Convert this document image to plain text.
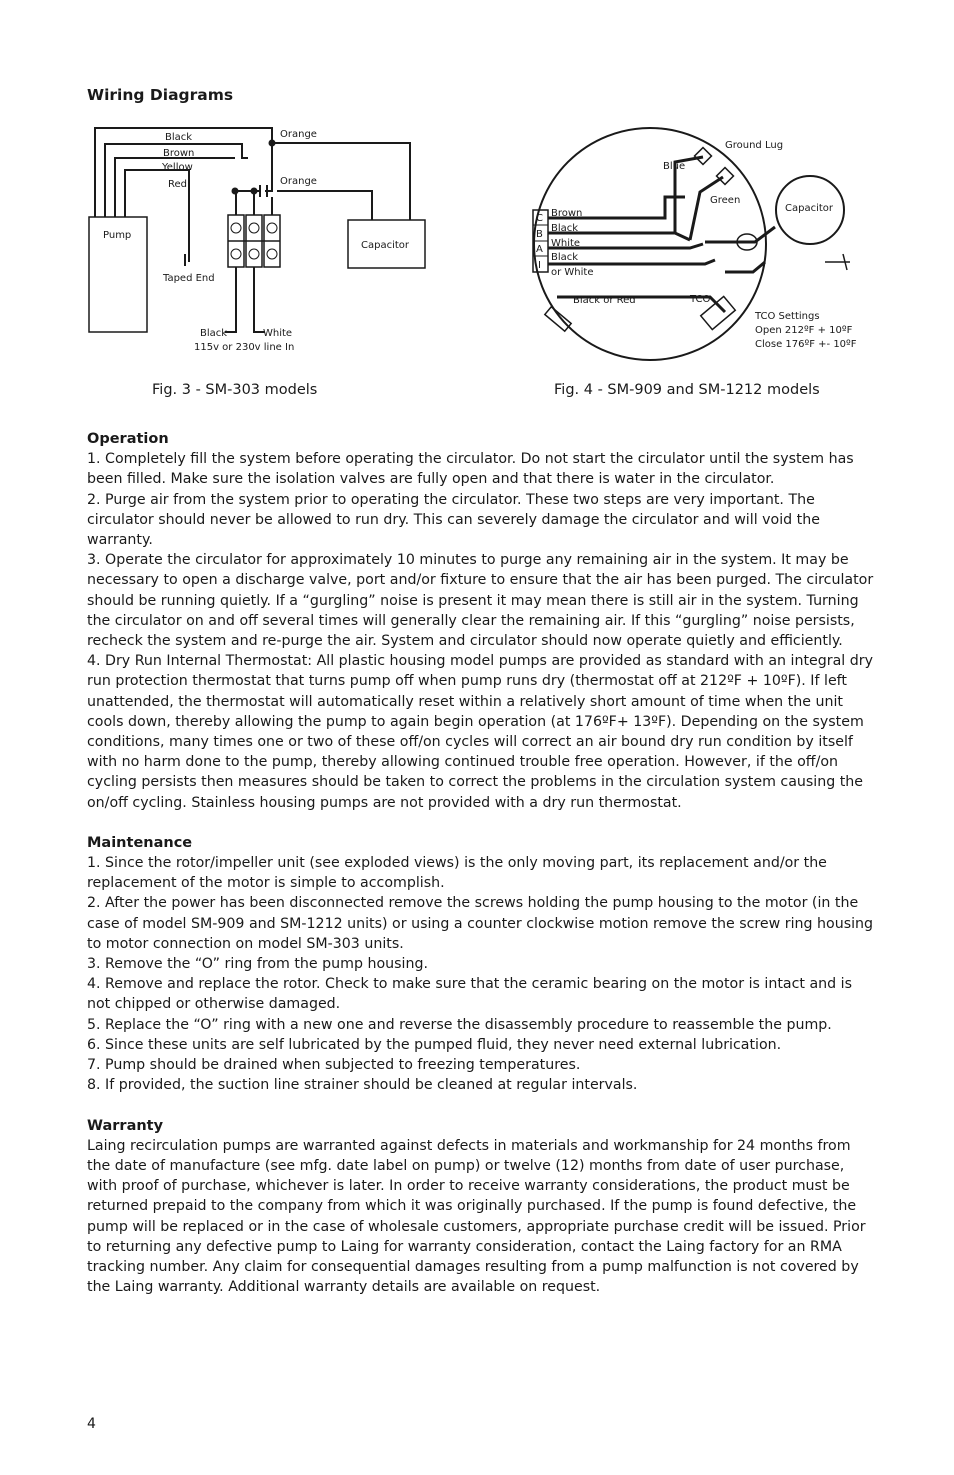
Wiring Diagrams
Black
Brown
Yellow
Red
Orange
Orange
Pump
Taped End
Capacitor
Black	White
115v or 230v line In
Ground Lug
Blue
Green
Capacitor
C
B
A
I
Brown
Black
White
Black
or White
Black or Red	TCO
TCO Settings
Open 212ºF + 10ºF
Close 176ºF +- 10ºF
Fig. 3 - SM-303 models	Fig. 4 - SM-909 and SM-1212 models

Operation

1. Completely fill the system before operating the circulator. Do not start the circulator until the system has been filled. Make sure the isolation valves are fully open and that there is water in the circulator.

2. Purge air from the system prior to operating the circulator. These two steps are very important. The circulator should never be allowed to run dry. This can severely damage the circulator and will void the warranty.

3. Operate the circulator for approximately 10 minutes to purge any remaining air in the system. It may be necessary to open a discharge valve, port and/or fixture to ensure that the air has been purged. The circulator should be running quietly. If a “gurgling” noise is present it may mean there is still air in the system. Turning the circulator on and off several times will generally clear the remaining air. If this “gurgling” noise persists, recheck the system and re-purge the air. System and circulator should now operate quietly and efficiently.

4. Dry Run Internal Thermostat: All plastic housing model pumps are provided as standard with an integral dry run protection thermostat that turns pump off when pump runs dry (thermostat off at 212ºF + 10ºF). If left unattended, the thermostat will automatically reset within a relatively short amount of time when the unit cools down, thereby allowing the pump to again begin operation (at 176ºF+ 13ºF). Depending on the system conditions, many times one or two of these off/on cycles will correct an air bound dry run condition by itself with no harm done to the pump, thereby allowing continued trouble free operation. However, if the off/on cycling persists then measures should be taken to correct the problems in the circulation system causing the on/off cycling. Stainless housing pumps are not provided with a dry run thermostat.

Maintenance

1. Since the rotor/impeller unit (see exploded views) is the only moving part, its replacement and/or the replacement of the motor is simple to accomplish.

2. After the power has been disconnected remove the screws holding the pump housing to the motor (in the case of model SM-909 and SM-1212 units) or using a counter clockwise motion remove the screw ring housing to motor connection on model SM-303 units.

3. Remove the “O” ring from the pump housing.

4. Remove and replace the rotor. Check to make sure that the ceramic bearing on the motor is intact and is not chipped or otherwise damaged.

5. Replace the “O” ring with a new one and reverse the disassembly procedure to reassemble the pump.

6. Since these units are self lubricated by the pumped fluid, they never need external lubrication.

7. Pump should be drained when subjected to freezing temperatures.

8. If provided, the suction line strainer should be cleaned at regular intervals.

Warranty

Laing recirculation pumps are warranted against defects in materials and workmanship for 24 months from the date of manufacture (see mfg. date label on pump) or twelve (12) months from date of user purchase, with proof of purchase, whichever is later. In order to receive warranty considerations, the product must be returned prepaid to the company from which it was originally purchased. If the pump is found defective, the pump will be replaced or in the case of wholesale customers, appropriate purchase credit will be issued. Prior to returning any defective pump to Laing for warranty consideration, contact the Laing factory for an RMA tracking number. Any claim for consequential damages resulting from a pump malfunction is not covered by the Laing warranty. Additional warranty details are available on request.

4
